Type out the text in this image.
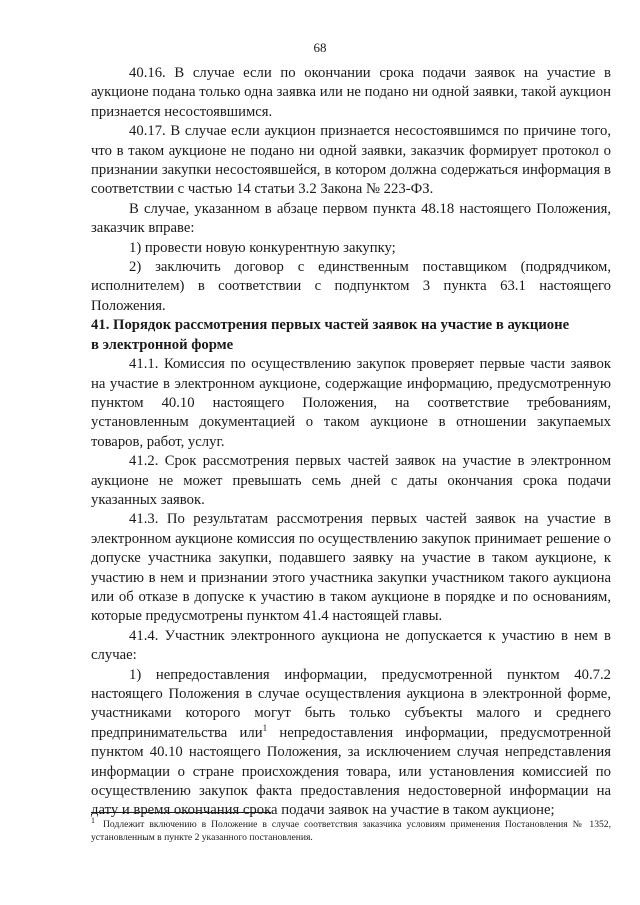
68

40.16. В случае если по окончании срока подачи заявок на участие в аукционе подана только одна заявка или не подано ни одной заявки, такой аукцион признается несостоявшимся.

40.17. В случае если аукцион признается несостоявшимся по причине того, что в таком аукционе не подано ни одной заявки, заказчик формирует протокол о признании закупки несостоявшейся, в котором должна содержаться информация в соответствии с частью 14 статьи 3.2 Закона № 223-ФЗ.

В случае, указанном в абзаце первом пункта 48.18 настоящего Положения, заказчик вправе:

1) провести новую конкурентную закупку;

2) заключить договор с единственным поставщиком (подрядчиком, исполнителем) в соответствии с подпунктом 3 пункта 63.1 настоящего Положения.

41. Порядок рассмотрения первых частей заявок на участие в аукционе
в электронной форме

41.1. Комиссия по осуществлению закупок проверяет первые части заявок на участие в электронном аукционе, содержащие информацию, предусмотренную пунктом 40.10 настоящего Положения, на соответствие требованиям, установленным документацией о таком аукционе в отношении закупаемых товаров, работ, услуг.

41.2. Срок рассмотрения первых частей заявок на участие в электронном аукционе не может превышать семь дней с даты окончания срока подачи указанных заявок.

41.3. По результатам рассмотрения первых частей заявок на участие в электронном аукционе комиссия по осуществлению закупок принимает решение о допуске участника закупки, подавшего заявку на участие в таком аукционе, к участию в нем и признании этого участника закупки участником такого аукциона или об отказе в допуске к участию в таком аукционе в порядке и по основаниям, которые предусмотрены пунктом 41.4 настоящей главы.

41.4. Участник электронного аукциона не допускается к участию в нем в случае:

1) непредоставления информации, предусмотренной пунктом 40.7.2 настоящего Положения в случае осуществления аукциона в электронной форме, участниками которого могут быть только субъекты малого и среднего предпринимательства или$^1$ непредоставления информации, предусмотренной пунктом 40.10 настоящего Положения, за исключением случая непредставления информации о стране происхождения товара, или установления комиссией по осуществлению закупок факта предоставления недостоверной информации на дату и время окончания срока подачи заявок на участие в таком аукционе;

$^1$ Подлежит включению в Положение в случае соответствия заказчика условиям применения Постановления № 1352, установленным в пункте 2 указанного постановления.
